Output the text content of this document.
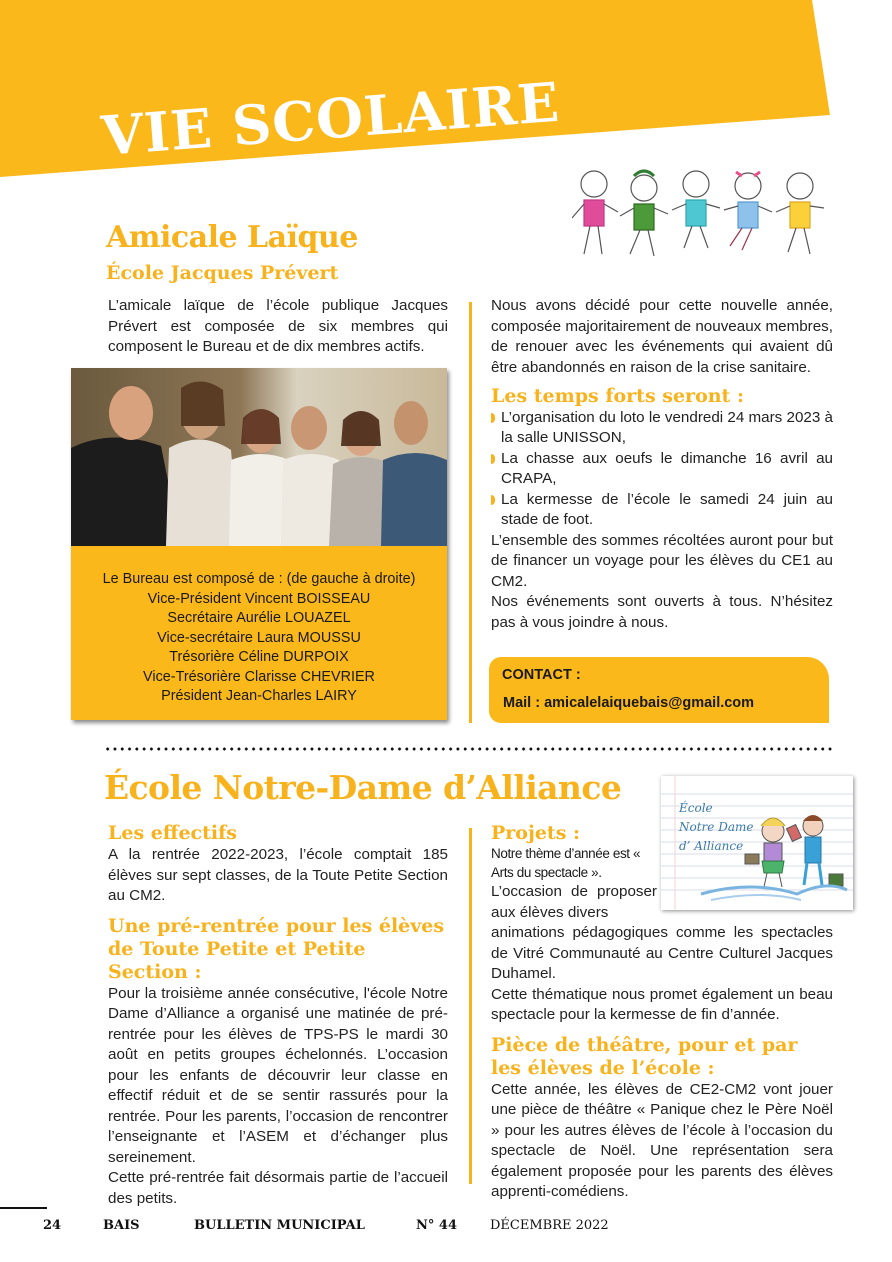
VIE SCOLAIRE
Amicale Laïque
École Jacques Prévert
L’amicale laïque de l’école publique Jacques Prévert est composée de six membres qui composent le Bureau et de dix membres actifs.
Le Bureau est composé de : (de gauche à droite)
Vice-Président Vincent BOISSEAU
Secrétaire Aurélie LOUAZEL
Vice-secrétaire Laura MOUSSU
Trésorière Céline DURPOIX
Vice-Trésorière Clarisse CHEVRIER
Président Jean-Charles LAIRY
Nous avons décidé pour cette nouvelle année, composée majoritairement de nouveaux membres, de renouer avec les événements qui avaient dû être abandonnés en raison de la crise sanitaire.
Les temps forts seront :
L’organisation du loto le vendredi 24 mars 2023 à la salle UNISSON,
La chasse aux oeufs le dimanche 16 avril au CRAPA,
La kermesse de l’école le samedi 24 juin au stade de foot.
L’ensemble des sommes récoltées auront pour but de financer un voyage pour les élèves du CE1 au CM2.
Nos événements sont ouverts à tous. N’hésitez pas à vous joindre à nous.
CONTACT :
Mail : amicalelaiquebais@gmail.com
École Notre-Dame d’Alliance
École
Notre Dame
d’ Alliance
Les effectifs
A la rentrée 2022-2023, l’école comptait 185 élèves sur sept classes, de la Toute Petite Section au CM2.
Une pré-rentrée pour les élèves de Toute Petite et Petite Section :
Pour la troisième année consécutive, l'école Notre Dame d’Alliance a organisé une matinée de pré-rentrée pour les élèves de TPS-PS le mardi 30 août en petits groupes échelonnés. L’occasion pour les enfants de découvrir leur classe en effectif réduit et de se sentir rassurés pour la rentrée. Pour les parents, l’occasion de rencontrer l’enseignante et l’ASEM et d’échanger plus sereinement.
Cette pré-rentrée fait désormais partie de l’accueil des petits.
Projets :
Notre thème d’année est « Arts du spectacle ».
L’occasion de proposer aux élèves divers
animations pédagogiques comme les spectacles de Vitré Communauté au Centre Culturel Jacques Duhamel.
Cette thématique nous promet également un beau spectacle pour la kermesse de fin d’année.
Pièce de théâtre, pour et par les élèves de l’école :
Cette année, les élèves de CE2-CM2 vont jouer une pièce de théâtre « Panique chez le Père Noël » pour les autres élèves de l’école à l’occasion du spectacle de Noël. Une représentation sera également proposée pour les parents des élèves apprenti-comédiens.
24	BAIS	BULLETIN MUNICIPAL	N° 44	DÉCEMBRE 2022
